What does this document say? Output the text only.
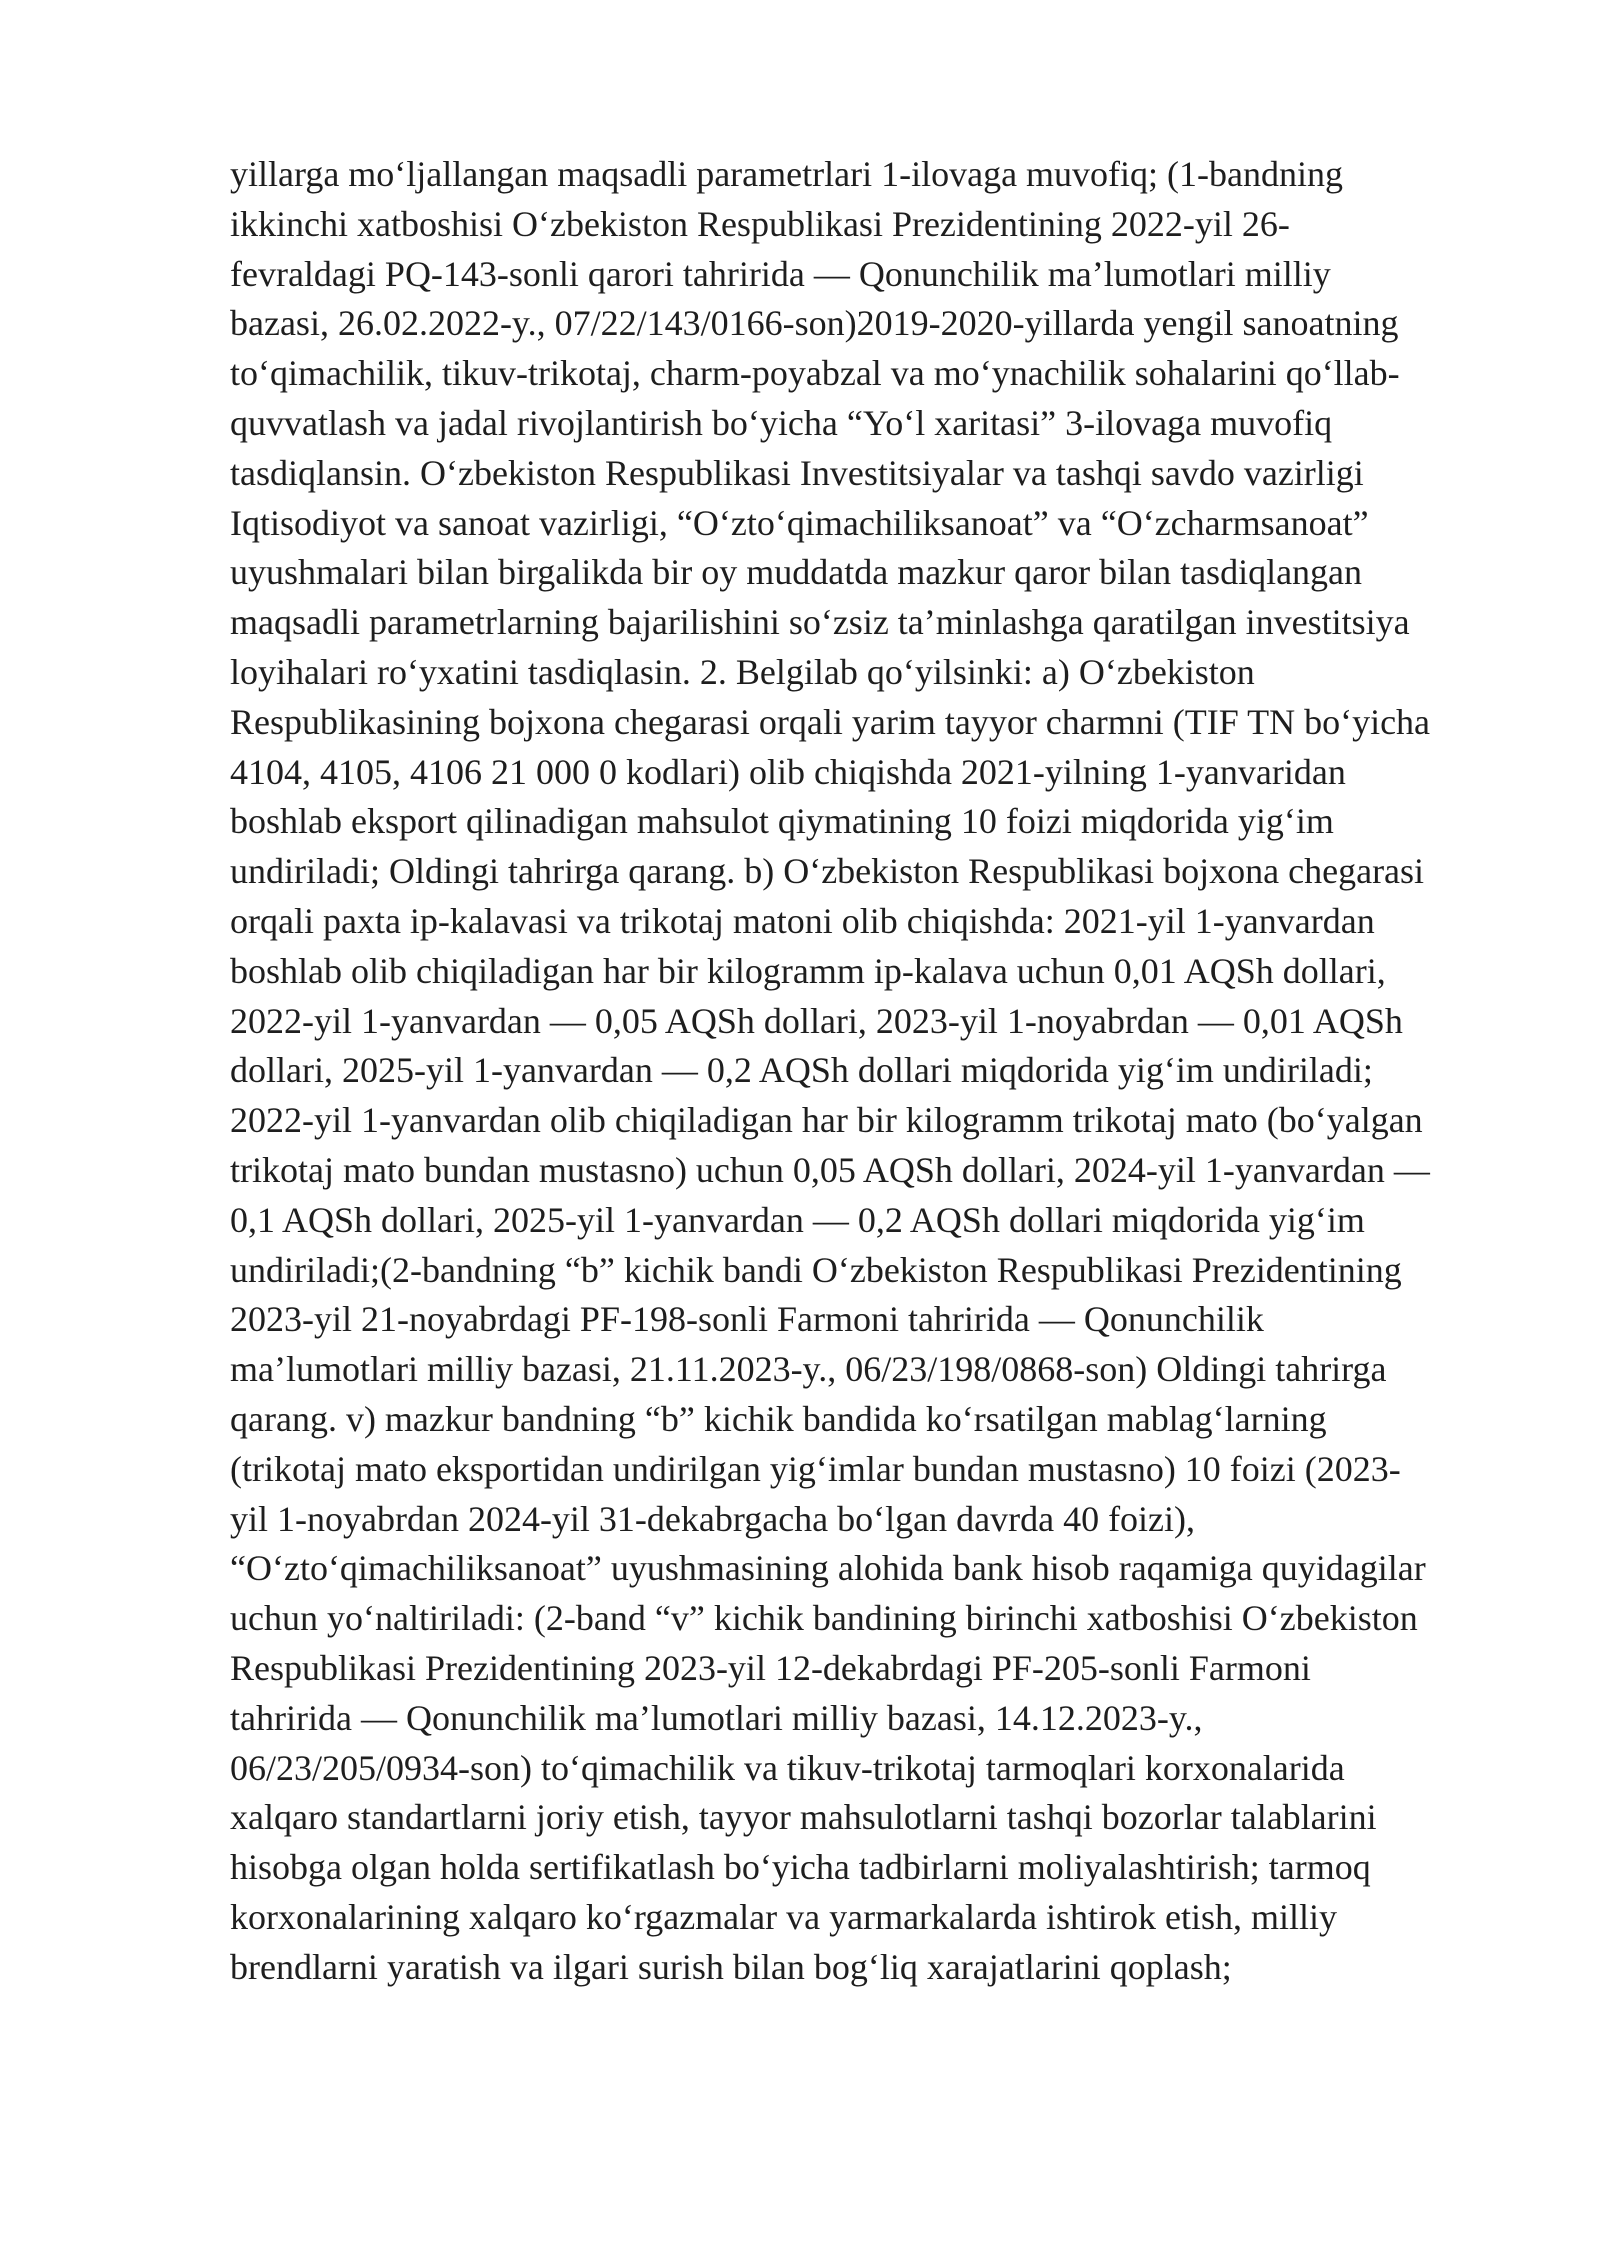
yillarga mo‘ljallangan maqsadli parametrlari 1-ilovaga muvofiq; (1-bandning
ikkinchi xatboshisi O‘zbekiston Respublikasi Prezidentining 2022-yil 26-
fevraldagi PQ-143-sonli qarori tahririda — Qonunchilik ma’lumotlari milliy
bazasi, 26.02.2022-y., 07/22/143/0166-son)2019-2020-yillarda yengil sanoatning
to‘qimachilik, tikuv-trikotaj, charm-poyabzal va mo‘ynachilik sohalarini qo‘llab-
quvvatlash va jadal rivojlantirish bo‘yicha “Yo‘l xaritasi” 3-ilovaga muvofiq
tasdiqlansin. O‘zbekiston Respublikasi Investitsiyalar va tashqi savdo vazirligi
Iqtisodiyot va sanoat vazirligi, “O‘zto‘qimachiliksanoat” va “O‘zcharmsanoat”
uyushmalari bilan birgalikda bir oy muddatda mazkur qaror bilan tasdiqlangan
maqsadli parametrlarning bajarilishini so‘zsiz ta’minlashga qaratilgan investitsiya
loyihalari ro‘yxatini tasdiqlasin. 2. Belgilab qo‘yilsinki: a) O‘zbekiston
Respublikasining bojxona chegarasi orqali yarim tayyor charmni (TIF TN bo‘yicha
4104, 4105, 4106 21 000 0 kodlari) olib chiqishda 2021-yilning 1-yanvaridan
boshlab eksport qilinadigan mahsulot qiymatining 10 foizi miqdorida yig‘im
undiriladi; Oldingi tahrirga qarang. b) O‘zbekiston Respublikasi bojxona chegarasi
orqali paxta ip-kalavasi va trikotaj matoni olib chiqishda: 2021-yil 1-yanvardan
boshlab olib chiqiladigan har bir kilogramm ip-kalava uchun 0,01 AQSh dollari,
2022-yil 1-yanvardan — 0,05 AQSh dollari, 2023-yil 1-noyabrdan — 0,01 AQSh
dollari, 2025-yil 1-yanvardan — 0,2 AQSh dollari miqdorida yig‘im undiriladi;
2022-yil 1-yanvardan olib chiqiladigan har bir kilogramm trikotaj mato (bo‘yalgan
trikotaj mato bundan mustasno) uchun 0,05 AQSh dollari, 2024-yil 1-yanvardan —
0,1 AQSh dollari, 2025-yil 1-yanvardan — 0,2 AQSh dollari miqdorida yig‘im
undiriladi;(2-bandning “b” kichik bandi O‘zbekiston Respublikasi Prezidentining
2023-yil 21-noyabrdagi PF-198-sonli Farmoni tahririda — Qonunchilik
ma’lumotlari milliy bazasi, 21.11.2023-y., 06/23/198/0868-son) Oldingi tahrirga
qarang. v) mazkur bandning “b” kichik bandida ko‘rsatilgan mablag‘larning
(trikotaj mato eksportidan undirilgan yig‘imlar bundan mustasno) 10 foizi (2023-
yil 1-noyabrdan 2024-yil 31-dekabrgacha bo‘lgan davrda 40 foizi),
“O‘zto‘qimachiliksanoat” uyushmasining alohida bank hisob raqamiga quyidagilar
uchun yo‘naltiriladi: (2-band “v” kichik bandining birinchi xatboshisi O‘zbekiston
Respublikasi Prezidentining 2023-yil 12-dekabrdagi PF-205-sonli Farmoni
tahririda — Qonunchilik ma’lumotlari milliy bazasi, 14.12.2023-y.,
06/23/205/0934-son) to‘qimachilik va tikuv-trikotaj tarmoqlari korxonalarida
xalqaro standartlarni joriy etish, tayyor mahsulotlarni tashqi bozorlar talablarini
hisobga olgan holda sertifikatlash bo‘yicha tadbirlarni moliyalashtirish; tarmoq
korxonalarining xalqaro ko‘rgazmalar va yarmarkalarda ishtirok etish, milliy
brendlarni yaratish va ilgari surish bilan bog‘liq xarajatlarini qoplash;
